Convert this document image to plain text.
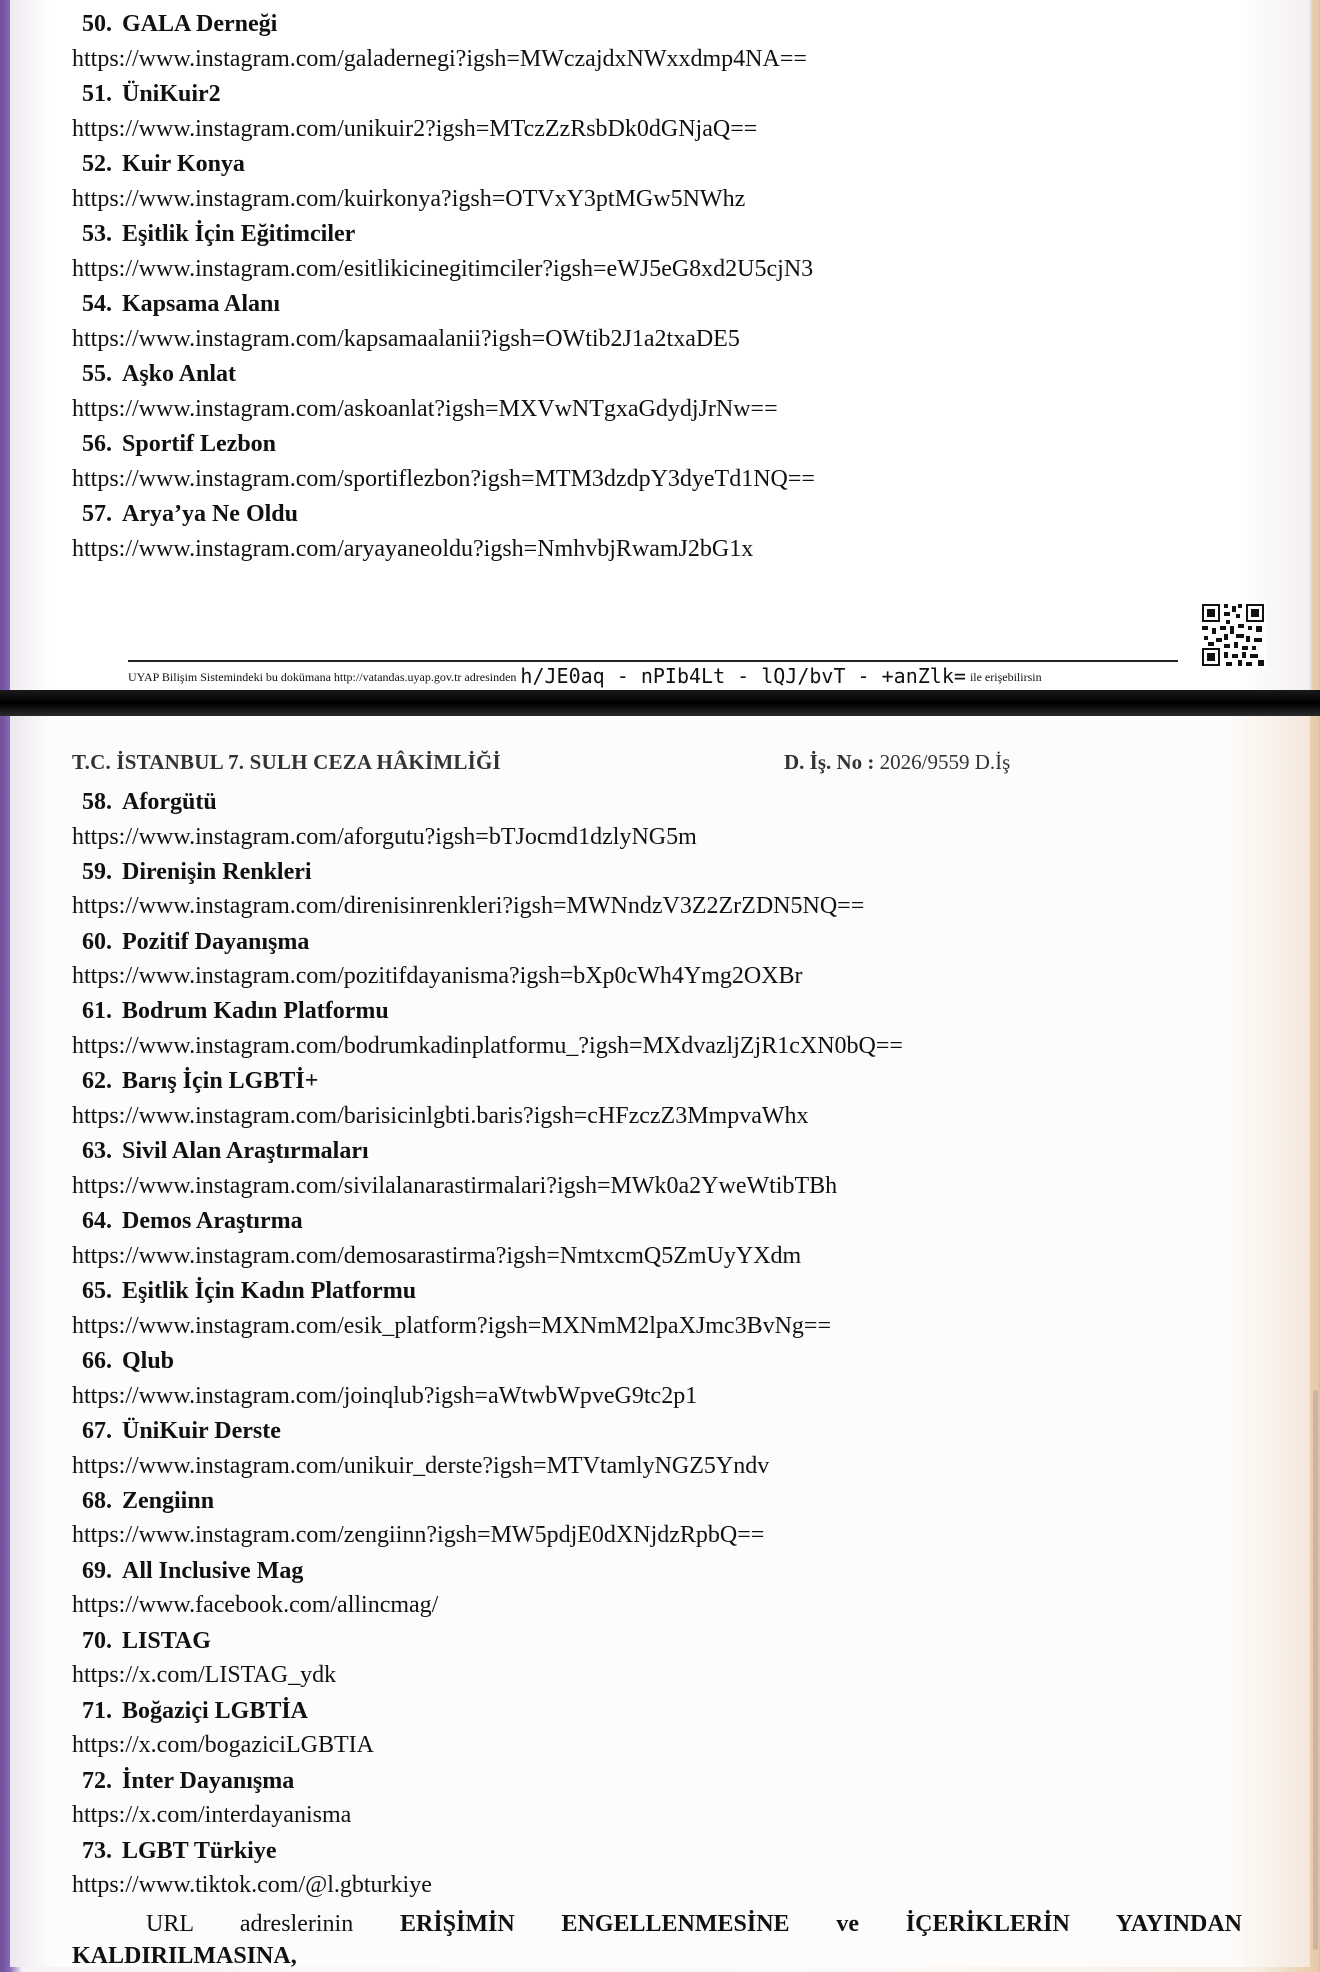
50. GALA Derneği
https://www.instagram.com/galadernegi?igsh=MWczajdxNWxxdmp4NA==
51. ÜniKuir2
https://www.instagram.com/unikuir2?igsh=MTczZzRsbDk0dGNjaQ==
52. Kuir Konya
https://www.instagram.com/kuirkonya?igsh=OTVxY3ptMGw5NWhz
53. Eşitlik İçin Eğitimciler
https://www.instagram.com/esitlikicinegitimciler?igsh=eWJ5eG8xd2U5cjN3
54. Kapsama Alanı
https://www.instagram.com/kapsamaalanii?igsh=OWtib2J1a2txaDE5
55. Aşko Anlat
https://www.instagram.com/askoanlat?igsh=MXVwNTgxaGdydjJrNw==
56. Sportif Lezbon
https://www.instagram.com/sportiflezbon?igsh=MTM3dzdpY3dyeTd1NQ==
57. Arya’ya Ne Oldu
https://www.instagram.com/aryayaneoldu?igsh=NmhvbjRwamJ2bG1x
UYAP Bilişim Sistemindeki bu dokümana http://vatandas.uyap.gov.tr adresinden h/JE0aq - nPIb4Lt - lQJ/bvT - +anZlk= ile erişebilirsin
T.C. İSTANBUL 7. SULH CEZA HÂKİMLİĞİ	D. İş. No : 2026/9559 D.İş
58. Aforgütü
https://www.instagram.com/aforgutu?igsh=bTJocmd1dzlyNG5m
59. Direnişin Renkleri
https://www.instagram.com/direnisinrenkleri?igsh=MWNndzV3Z2ZrZDN5NQ==
60. Pozitif Dayanışma
https://www.instagram.com/pozitifdayanisma?igsh=bXp0cWh4Ymg2OXBr
61. Bodrum Kadın Platformu
https://www.instagram.com/bodrumkadinplatformu_?igsh=MXdvazljZjR1cXN0bQ==
62. Barış İçin LGBTİ+
https://www.instagram.com/barisicinlgbti.baris?igsh=cHFzczZ3MmpvaWhx
63. Sivil Alan Araştırmaları
https://www.instagram.com/sivilalanarastirmalari?igsh=MWk0a2YweWtibTBh
64. Demos Araştırma
https://www.instagram.com/demosarastirma?igsh=NmtxcmQ5ZmUyYXdm
65. Eşitlik İçin Kadın Platformu
https://www.instagram.com/esik_platform?igsh=MXNmM2lpaXJmc3BvNg==
66. Qlub
https://www.instagram.com/joinqlub?igsh=aWtwbWpveG9tc2p1
67. ÜniKuir Derste
https://www.instagram.com/unikuir_derste?igsh=MTVtamlyNGZ5Yndv
68. Zengiinn
https://www.instagram.com/zengiinn?igsh=MW5pdjE0dXNjdzRpbQ==
69. All Inclusive Mag
https://www.facebook.com/allincmag/
70. LISTAG
https://x.com/LISTAG_ydk
71. Boğaziçi LGBTİA
https://x.com/bogaziciLGBTIA
72. İnter Dayanışma
https://x.com/interdayanisma
73. LGBT Türkiye
https://www.tiktok.com/@l.gbturkiye
URL adreslerinin ERİŞİMİN ENGELLENMESİNE ve İÇERİKLERİN YAYINDAN
KALDIRILMASINA,
